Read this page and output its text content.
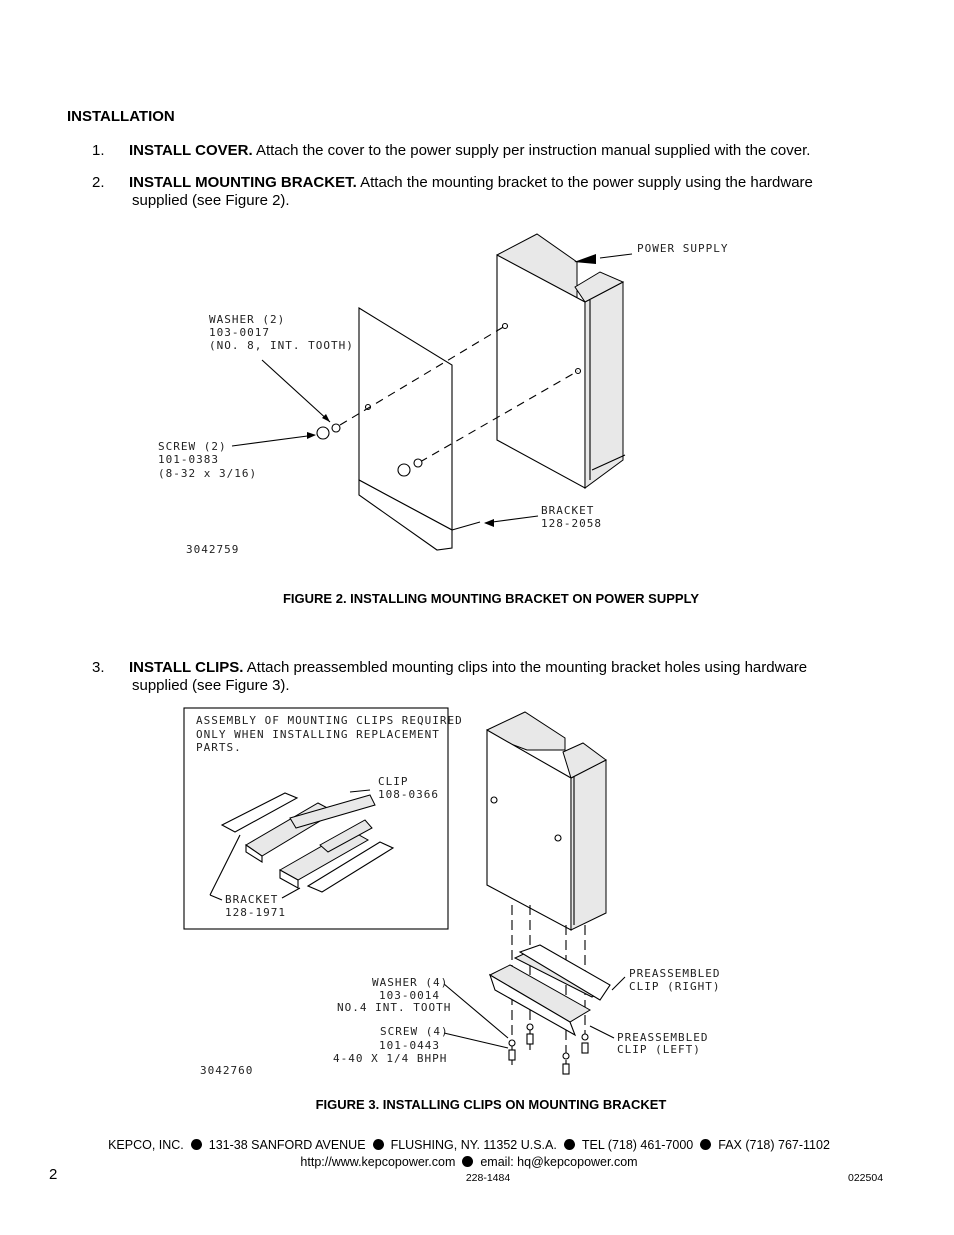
INSTALLATION
1. INSTALL COVER. Attach the cover to the power supply per instruction manual supplied with the cover.
2. INSTALL MOUNTING BRACKET. Attach the mounting bracket to the power supply using the hardware
supplied (see Figure 2).
3. INSTALL CLIPS. Attach preassembled mounting clips into the mounting bracket holes using hardware
supplied (see Figure 3).
POWER SUPPLY
WASHER (2)
103-0017
(NO. 8, INT. TOOTH)
SCREW (2)
101-0383
(8-32 x 3/16)
BRACKET
128-2058
3042759
FIGURE 2. INSTALLING MOUNTING BRACKET ON POWER SUPPLY
ASSEMBLY OF MOUNTING CLIPS REQUIRED
ONLY WHEN INSTALLING REPLACEMENT
PARTS.
CLIP
108-0366
BRACKET
128-1971
PREASSEMBLED
CLIP (RIGHT)
WASHER (4)
103-0014
NO.4 INT. TOOTH
SCREW (4)
101-0443
4-40 X 1/4 BHPH
PREASSEMBLED
CLIP (LEFT)
3042760
FIGURE 3. INSTALLING CLIPS ON MOUNTING BRACKET
KEPCO, INC. 131-38 SANFORD AVENUE FLUSHING, NY. 11352 U.S.A. TEL (718) 461-7000 FAX (718) 767-1102
http://www.kepcopower.com email: hq@kepcopower.com
2	228-1484	022504
